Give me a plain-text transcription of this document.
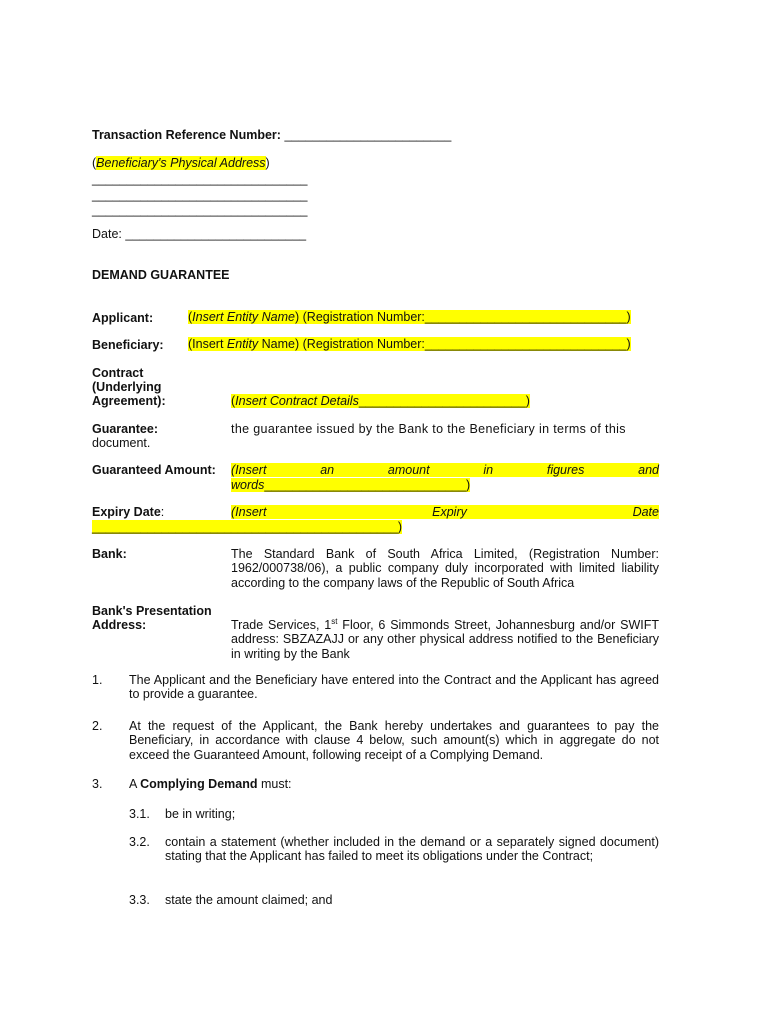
Transaction Reference Number: ________________________
(Beneficiary's Physical Address)
_______________________________
_______________________________
_______________________________
Date: __________________________
DEMAND GUARANTEE
Applicant:	(Insert Entity Name) (Registration Number:_____________________________)
Beneficiary: (Insert Entity Name) (Registration Number:_____________________________)
Contract
(Underlying
Agreement):	(Insert Contract Details________________________)
Guarantee:	the guarantee issued by the Bank to the Beneficiary in terms of this
document.
Guaranteed Amount: (Insert	an	amount	in	figures	and
words_____________________________)
Expiry Date:	(Insert	Expiry	Date
____________________________________________)
Bank:	The Standard Bank of South Africa Limited, (Registration Number: 1962/000738/06), a public company duly incorporated with limited liability according to the company laws of the Republic of South Africa
Bank's Presentation
Address:	Trade Services, 1st Floor, 6 Simmonds Street, Johannesburg and/or SWIFT address: SBZAZAJJ or any other physical address notified to the Beneficiary in writing by the Bank
1. The Applicant and the Beneficiary have entered into the Contract and the Applicant has agreed to provide a guarantee.
2. At the request of the Applicant, the Bank hereby undertakes and guarantees to pay the Beneficiary, in accordance with clause 4 below, such amount(s) which in aggregate do not exceed the Guaranteed Amount, following receipt of a Complying Demand.
3. A Complying Demand must:
3.1. be in writing;
3.2. contain a statement (whether included in the demand or a separately signed document) stating that the Applicant has failed to meet its obligations under the Contract;
3.3. state the amount claimed; and
